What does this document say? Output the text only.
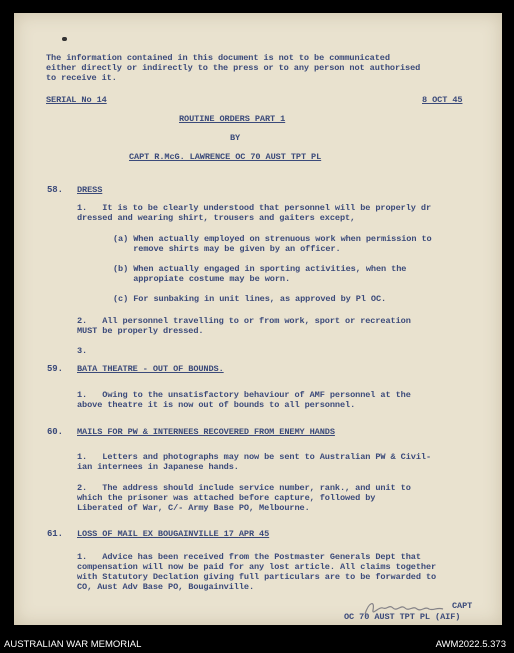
The information contained in this document is not to be communicated
either directly or indirectly to the press or to any person not authorised
to receive it.
SERIAL No 14	8 OCT 45
ROUTINE ORDERS PART 1
BY
CAPT R.McG. LAWRENCE OC 70 AUST TPT PL
58. DRESS
1.   It is to be clearly understood that personnel will be properly dr
dressed and wearing shirt, trousers and gaiters except,
(a) When actually employed on strenuous work when permission to
remove shirts may be given by an officer.
(b) When actually engaged in sporting activities, when the
appropiate costume may be worn.
(c) For sunbaking in unit lines, as approved by Pl OC.
2.   All personnel travelling to or from work, sport or recreation
MUST be properly dressed.
3.
59. BATA THEATRE - OUT OF BOUNDS.
1.   Owing to the unsatisfactory behaviour of AMF personnel at the
above theatre it is now out of bounds to all personnel.
60. MAILS FOR PW & INTERNEES RECOVERED FROM ENEMY HANDS
1.   Letters and photographs may now be sent to Australian PW & Civil-
ian internees in Japanese hands.
2.   The address should include service number, rank., and unit to
which the prisoner was attached before capture, followed by
Liberated of War, C/- Army Base PO, Melbourne.
61. LOSS OF MAIL EX BOUGAINVILLE 17 APR 45
1.   Advice has been received from the Postmaster Generals Dept that
compensation will now be paid for any lost article. All claims together
with Statutory Declation giving full particulars are to be forwarded to
CO, Aust Adv Base PO, Bougainville.
CAPT
OC 70 AUST TPT PL (AIF)
AUSTRALIAN WAR MEMORIAL	AWM2022.5.373
